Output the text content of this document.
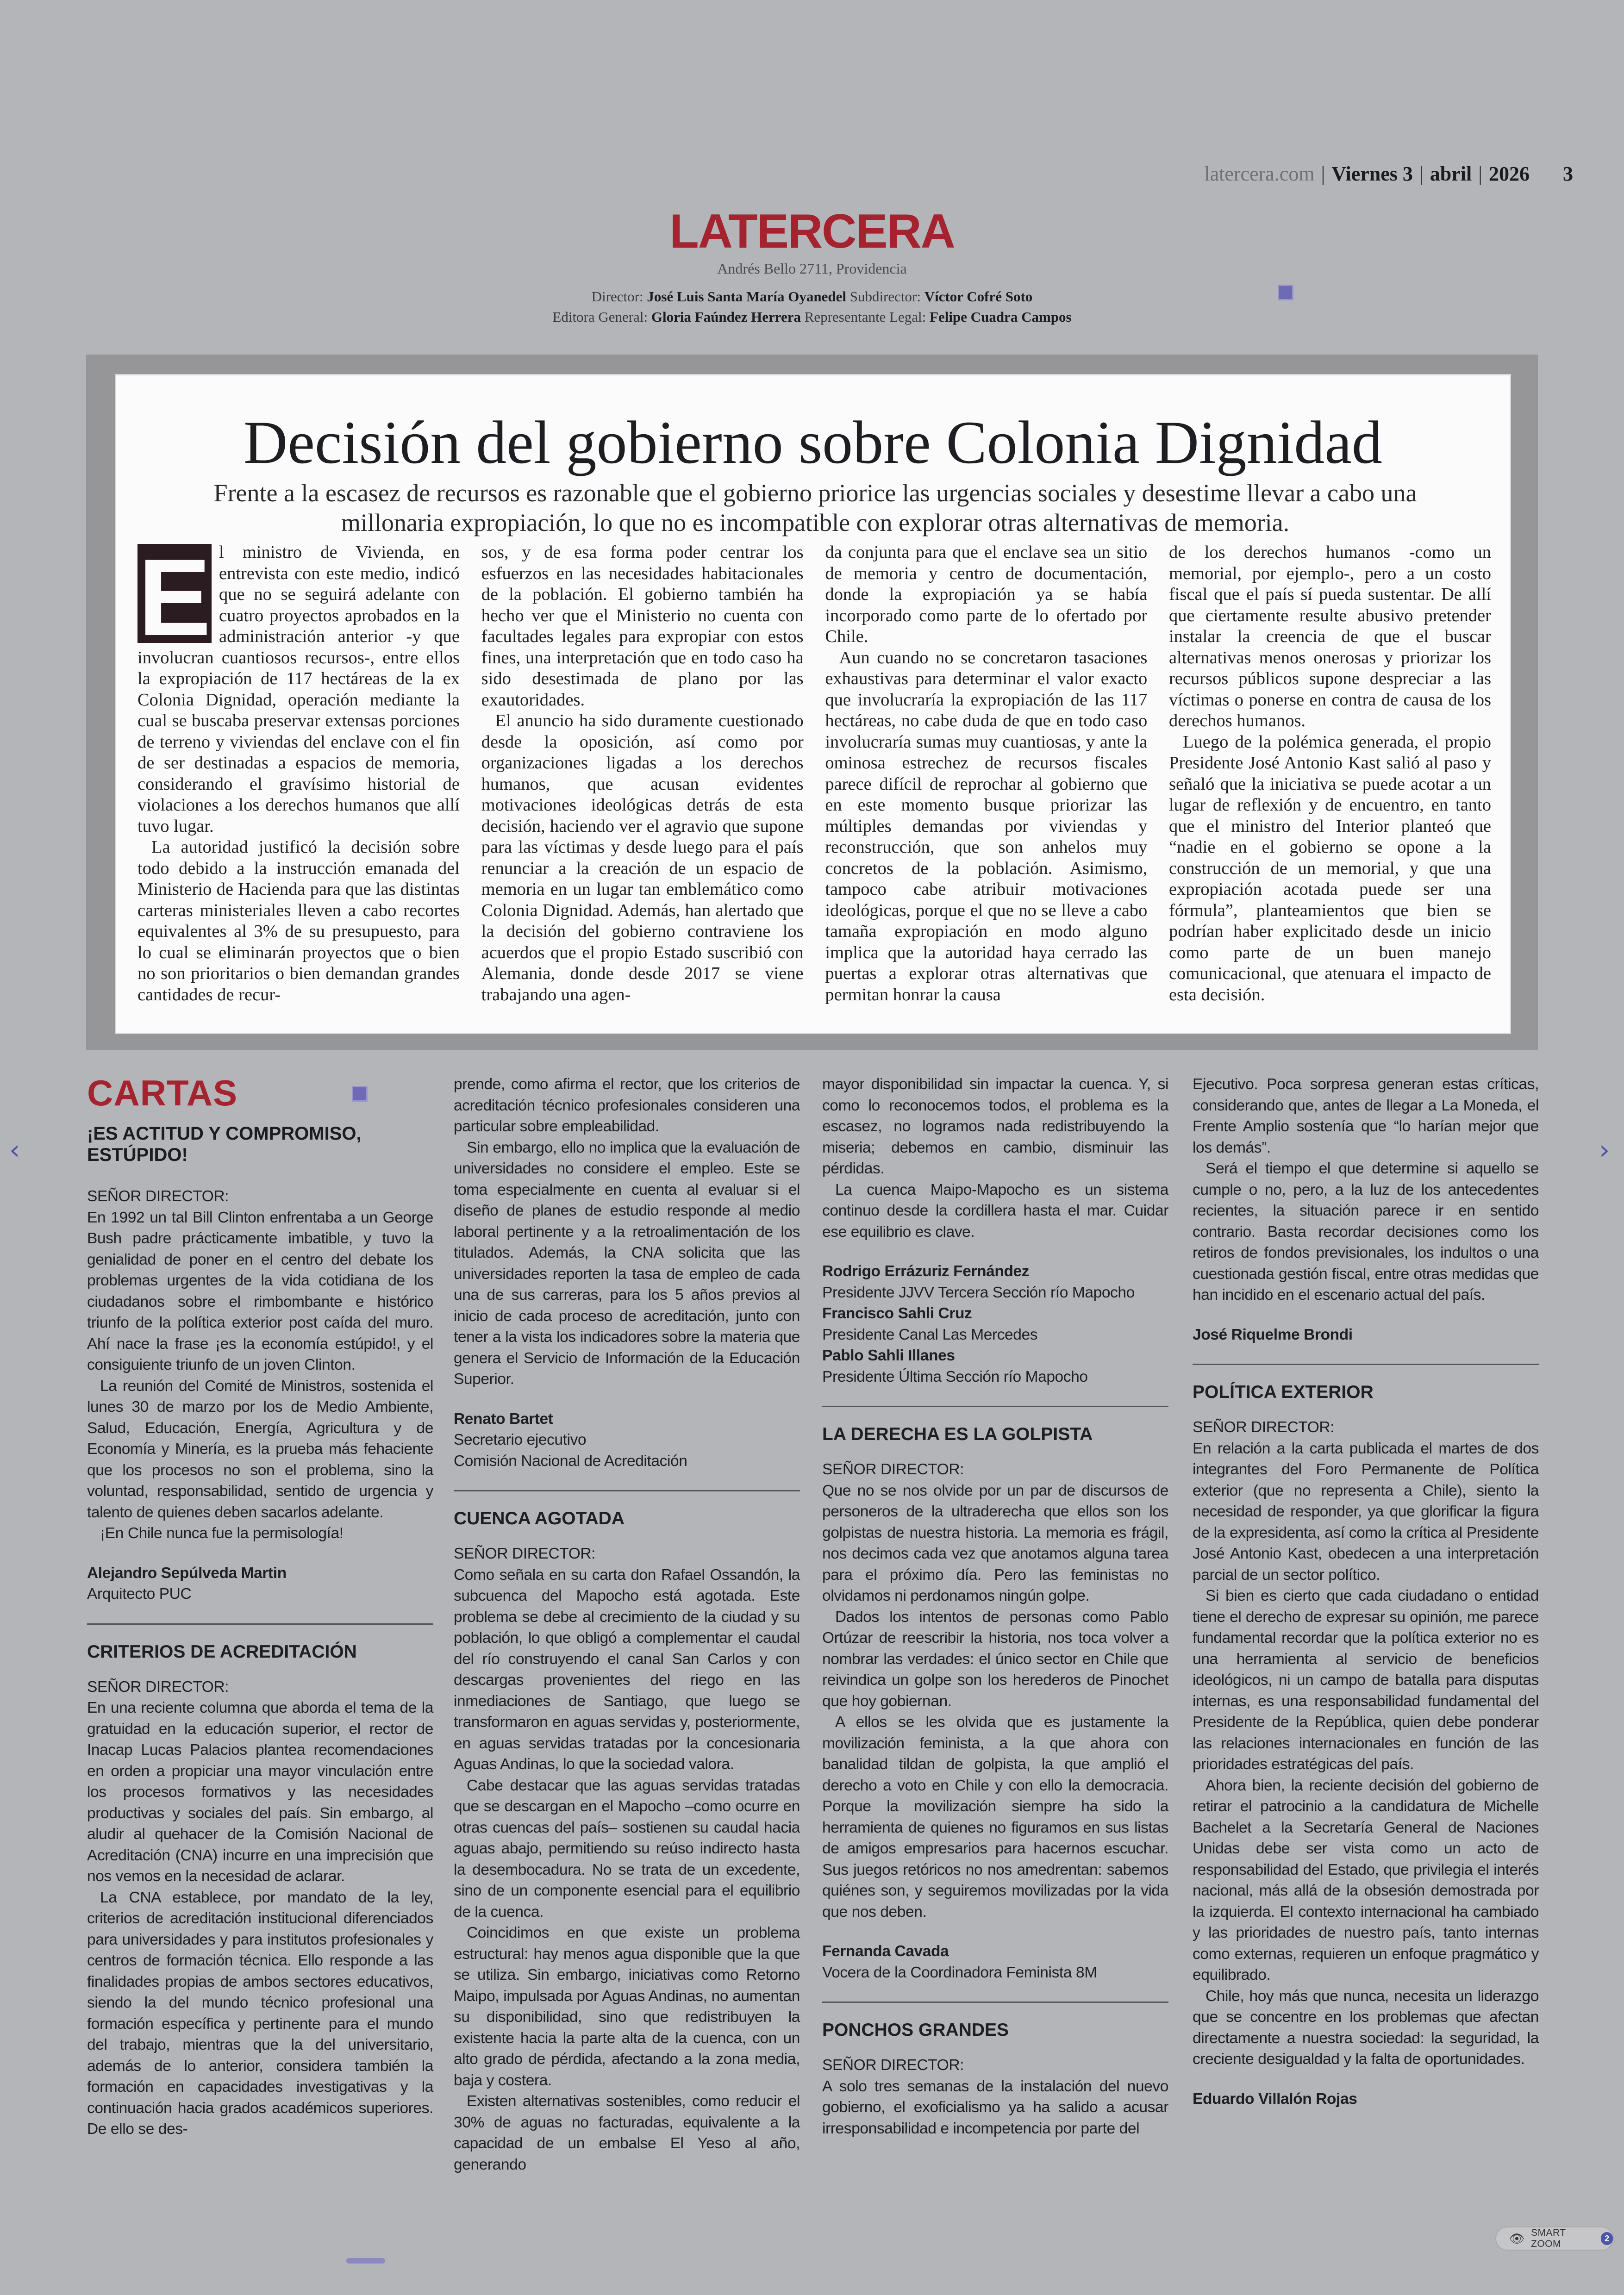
latercera.com | Viernes 3 | abril | 2026 3
LATERCERA
Andrés Bello 2711, Providencia
Director: José Luis Santa María Oyanedel Subdirector: Víctor Cofré Soto
Editora General: Gloria Faúndez Herrera Representante Legal: Felipe Cuadra Campos
Decisión del gobierno sobre Colonia Dignidad
Frente a la escasez de recursos es razonable que el gobierno priorice las urgencias sociales y desestime llevar a cabo una millonaria expropiación, lo que no es incompatible con explorar otras alternativas de memoria.
E l ministro de Vivienda, en entrevista con este medio, indicó que no se seguirá adelante con cuatro proyectos aprobados en la administración anterior -y que involucran cuantiosos recursos-, entre ellos la expropiación de 117 hectáreas de la ex Colonia Dignidad, operación mediante la cual se buscaba preservar extensas porciones de terreno y viviendas del enclave con el fin de ser destinadas a espacios de memoria, considerando el gravísimo historial de violaciones a los derechos humanos que allí tuvo lugar.

La autoridad justificó la decisión sobre todo debido a la instrucción emanada del Ministerio de Hacienda para que las distintas carteras ministeriales lleven a cabo recortes equivalentes al 3% de su presupuesto, para lo cual se eliminarán proyectos que o bien no son prioritarios o bien demandan grandes cantidades de recur-

sos, y de esa forma poder centrar los esfuerzos en las necesidades habitacionales de la población. El gobierno también ha hecho ver que el Ministerio no cuenta con facultades legales para expropiar con estos fines, una interpretación que en todo caso ha sido desestimada de plano por las exautoridades.

El anuncio ha sido duramente cuestionado desde la oposición, así como por organizaciones ligadas a los derechos humanos, que acusan evidentes motivaciones ideológicas detrás de esta decisión, haciendo ver el agravio que supone para las víctimas y desde luego para el país renunciar a la creación de un espacio de memoria en un lugar tan emblemático como Colonia Dignidad. Además, han alertado que la decisión del gobierno contraviene los acuerdos que el propio Estado suscribió con Alemania, donde desde 2017 se viene trabajando una agen-

da conjunta para que el enclave sea un sitio de memoria y centro de documentación, donde la expropiación ya se había incorporado como parte de lo ofertado por Chile.

Aun cuando no se concretaron tasaciones exhaustivas para determinar el valor exacto que involucraría la expropiación de las 117 hectáreas, no cabe duda de que en todo caso involucraría sumas muy cuantiosas, y ante la ominosa estrechez de recursos fiscales parece difícil de reprochar al gobierno que en este momento busque priorizar las múltiples demandas por viviendas y reconstrucción, que son anhelos muy concretos de la población. Asimismo, tampoco cabe atribuir motivaciones ideológicas, porque el que no se lleve a cabo tamaña expropiación en modo alguno implica que la autoridad haya cerrado las puertas a explorar otras alternativas que permitan honrar la causa

de los derechos humanos -como un memorial, por ejemplo-, pero a un costo fiscal que el país sí pueda sustentar. De allí que ciertamente resulte abusivo pretender instalar la creencia de que el buscar alternativas menos onerosas y priorizar los recursos públicos supone despreciar a las víctimas o ponerse en contra de causa de los derechos humanos.

Luego de la polémica generada, el propio Presidente José Antonio Kast salió al paso y señaló que la iniciativa se puede acotar a un lugar de reflexión y de encuentro, en tanto que el ministro del Interior planteó que “nadie en el gobierno se opone a la construcción de un memorial, y que una expropiación acotada puede ser una fórmula”, planteamientos que bien se podrían haber explicitado desde un inicio como parte de un buen manejo comunicacional, que atenuara el impacto de esta decisión.

CARTAS
¡ES ACTITUD Y COMPROMISO, ESTÚPIDO!

SEÑOR DIRECTOR:

En 1992 un tal Bill Clinton enfrentaba a un George Bush padre prácticamente imbatible, y tuvo la genialidad de poner en el centro del debate los problemas urgentes de la vida cotidiana de los ciudadanos sobre el rimbombante e histórico triunfo de la política exterior post caída del muro. Ahí nace la frase ¡es la economía estúpido!, y el consiguiente triunfo de un joven Clinton.

La reunión del Comité de Ministros, sostenida el lunes 30 de marzo por los de Medio Ambiente, Salud, Educación, Energía, Agricultura y de Economía y Minería, es la prueba más fehaciente que los procesos no son el problema, sino la voluntad, responsabilidad, sentido de urgencia y talento de quienes deben sacarlos adelante.

¡En Chile nunca fue la permisología!

Alejandro Sepúlveda Martin

Arquitecto PUC

CRITERIOS DE ACREDITACIÓN

SEÑOR DIRECTOR:

En una reciente columna que aborda el tema de la gratuidad en la educación superior, el rector de Inacap Lucas Palacios plantea recomendaciones en orden a propiciar una mayor vinculación entre los procesos formativos y las necesidades productivas y sociales del país. Sin embargo, al aludir al quehacer de la Comisión Nacional de Acreditación (CNA) incurre en una imprecisión que nos vemos en la necesidad de aclarar.

La CNA establece, por mandato de la ley, criterios de acreditación institucional diferenciados para universidades y para institutos profesionales y centros de formación técnica. Ello responde a las finalidades propias de ambos sectores educativos, siendo la del mundo técnico profesional una formación específica y pertinente para el mundo del trabajo, mientras que la del universitario, además de lo anterior, considera también la formación en capacidades investigativas y la continuación hacia grados académicos superiores. De ello se des-

prende, como afirma el rector, que los criterios de acreditación técnico profesionales consideren una particular sobre empleabilidad.

Sin embargo, ello no implica que la evaluación de universidades no considere el empleo. Este se toma especialmente en cuenta al evaluar si el diseño de planes de estudio responde al medio laboral pertinente y a la retroalimentación de los titulados. Además, la CNA solicita que las universidades reporten la tasa de empleo de cada una de sus carreras, para los 5 años previos al inicio de cada proceso de acreditación, junto con tener a la vista los indicadores sobre la materia que genera el Servicio de Información de la Educación Superior.

Renato Bartet

Secretario ejecutivo

Comisión Nacional de Acreditación

CUENCA AGOTADA

SEÑOR DIRECTOR:

Como señala en su carta don Rafael Ossandón, la subcuenca del Mapocho está agotada. Este problema se debe al crecimiento de la ciudad y su población, lo que obligó a complementar el caudal del río construyendo el canal San Carlos y con descargas provenientes del riego en las inmediaciones de Santiago, que luego se transformaron en aguas servidas y, posteriormente, en aguas servidas tratadas por la concesionaria Aguas Andinas, lo que la sociedad valora.

Cabe destacar que las aguas servidas tratadas que se descargan en el Mapocho –como ocurre en otras cuencas del país– sostienen su caudal hacia aguas abajo, permitiendo su reúso indirecto hasta la desembocadura. No se trata de un excedente, sino de un componente esencial para el equilibrio de la cuenca.

Coincidimos en que existe un problema estructural: hay menos agua disponible que la que se utiliza. Sin embargo, iniciativas como Retorno Maipo, impulsada por Aguas Andinas, no aumentan su disponibilidad, sino que redistribuyen la existente hacia la parte alta de la cuenca, con un alto grado de pérdida, afectando a la zona media, baja y costera.

Existen alternativas sostenibles, como reducir el 30% de aguas no facturadas, equivalente a la capacidad de un embalse El Yeso al año, generando

mayor disponibilidad sin impactar la cuenca. Y, si como lo reconocemos todos, el problema es la escasez, no logramos nada redistribuyendo la miseria; debemos en cambio, disminuir las pérdidas.

La cuenca Maipo-Mapocho es un sistema continuo desde la cordillera hasta el mar. Cuidar ese equilibrio es clave.

Rodrigo Errázuriz Fernández

Presidente JJVV Tercera Sección río Mapocho

Francisco Sahli Cruz

Presidente Canal Las Mercedes

Pablo Sahli Illanes

Presidente Última Sección río Mapocho

LA DERECHA ES LA GOLPISTA

SEÑOR DIRECTOR:

Que no se nos olvide por un par de discursos de personeros de la ultraderecha que ellos son los golpistas de nuestra historia. La memoria es frágil, nos decimos cada vez que anotamos alguna tarea para el próximo día. Pero las feministas no olvidamos ni perdonamos ningún golpe.

Dados los intentos de personas como Pablo Ortúzar de reescribir la historia, nos toca volver a nombrar las verdades: el único sector en Chile que reivindica un golpe son los herederos de Pinochet que hoy gobiernan.

A ellos se les olvida que es justamente la movilización feminista, a la que ahora con banalidad tildan de golpista, la que amplió el derecho a voto en Chile y con ello la democracia. Porque la movilización siempre ha sido la herramienta de quienes no figuramos en sus listas de amigos empresarios para hacernos escuchar. Sus juegos retóricos no nos amedrentan: sabemos quiénes son, y seguiremos movilizadas por la vida que nos deben.

Fernanda Cavada

Vocera de la Coordinadora Feminista 8M

PONCHOS GRANDES

SEÑOR DIRECTOR:

A solo tres semanas de la instalación del nuevo gobierno, el exoficialismo ya ha salido a acusar irresponsabilidad e incompetencia por parte del

Ejecutivo. Poca sorpresa generan estas críticas, considerando que, antes de llegar a La Moneda, el Frente Amplio sostenía que “lo harían mejor que los demás”.

Será el tiempo el que determine si aquello se cumple o no, pero, a la luz de los antecedentes recientes, la situación parece ir en sentido contrario. Basta recordar decisiones como los retiros de fondos previsionales, los indultos o una cuestionada gestión fiscal, entre otras medidas que han incidido en el escenario actual del país.

José Riquelme Brondi

POLÍTICA EXTERIOR

SEÑOR DIRECTOR:

En relación a la carta publicada el martes de dos integrantes del Foro Permanente de Política exterior (que no representa a Chile), siento la necesidad de responder, ya que glorificar la figura de la expresidenta, así como la crítica al Presidente José Antonio Kast, obedecen a una interpretación parcial de un sector político.

Si bien es cierto que cada ciudadano o entidad tiene el derecho de expresar su opinión, me parece fundamental recordar que la política exterior no es una herramienta al servicio de beneficios ideológicos, ni un campo de batalla para disputas internas, es una responsabilidad fundamental del Presidente de la República, quien debe ponderar las relaciones internacionales en función de las prioridades estratégicas del país.

Ahora bien, la reciente decisión del gobierno de retirar el patrocinio a la candidatura de Michelle Bachelet a la Secretaría General de Naciones Unidas debe ser vista como un acto de responsabilidad del Estado, que privilegia el interés nacional, más allá de la obsesión demostrada por la izquierda. El contexto internacional ha cambiado y las prioridades de nuestro país, tanto internas como externas, requieren un enfoque pragmático y equilibrado.

Chile, hoy más que nunca, necesita un liderazgo que se concentre en los problemas que afectan directamente a nuestra sociedad: la seguridad, la creciente desigualdad y la falta de oportunidades.

Eduardo Villalón Rojas

‹	›
👁 SMART ZOOM	2
